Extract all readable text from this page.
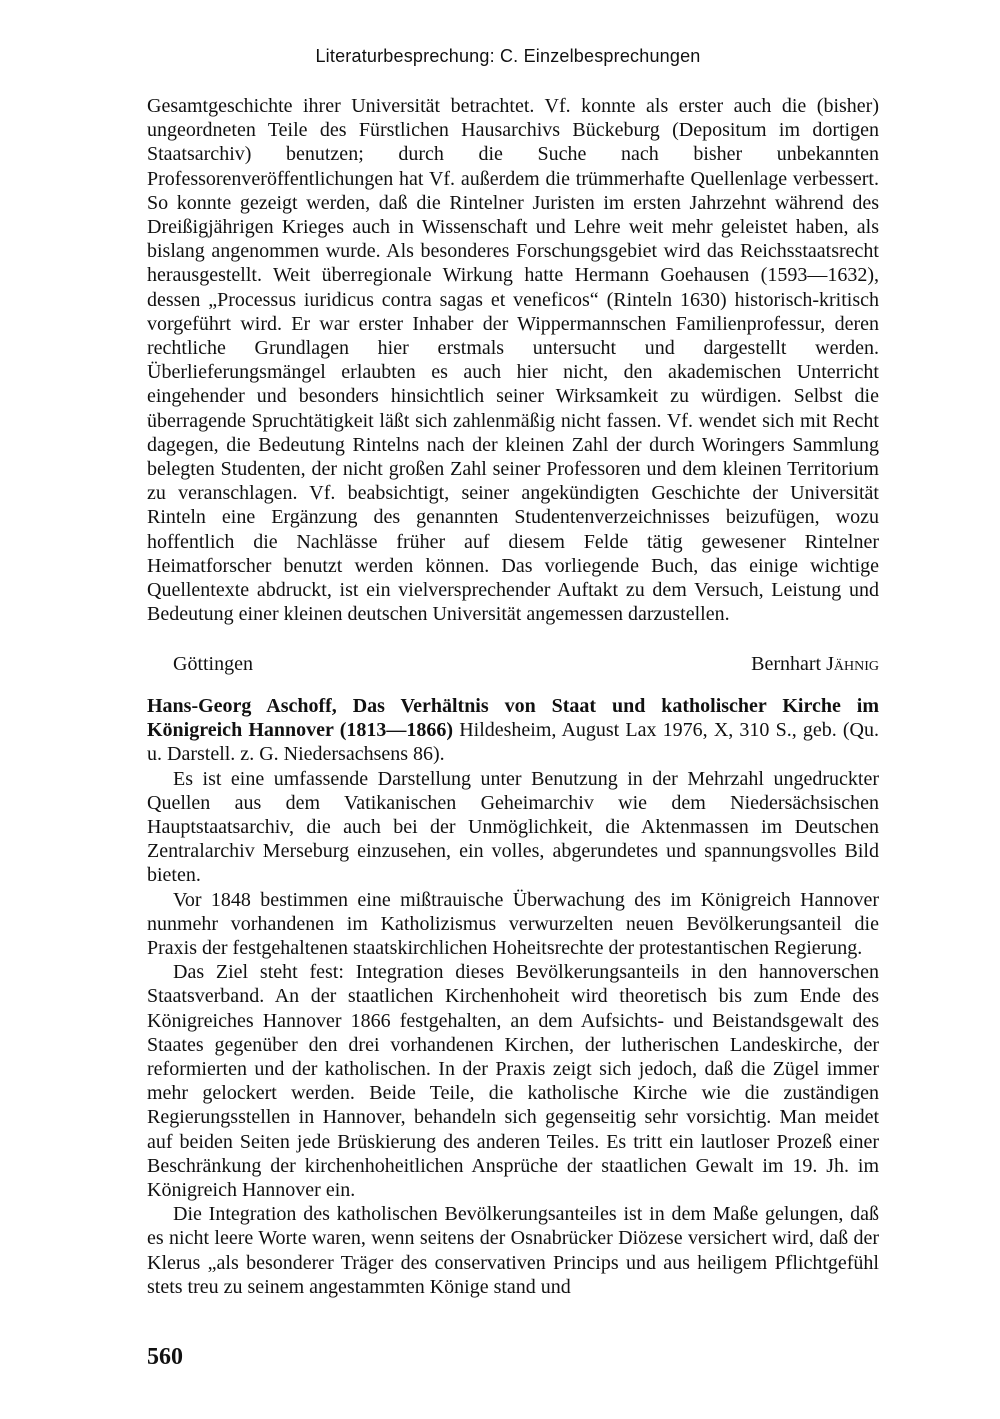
Literaturbesprechung: C. Einzelbesprechungen

Gesamtgeschichte ihrer Universität betrachtet. Vf. konnte als erster auch die (bisher) ungeordneten Teile des Fürstlichen Hausarchivs Bückeburg (Depositum im dortigen Staatsarchiv) benutzen; durch die Suche nach bisher unbekannten Professorenveröffentlichungen hat Vf. außerdem die trümmerhafte Quellenlage verbessert. So konnte gezeigt werden, daß die Rintelner Juristen im ersten Jahrzehnt während des Dreißigjährigen Krieges auch in Wissenschaft und Lehre weit mehr geleistet haben, als bislang angenommen wurde. Als besonderes Forschungsgebiet wird das Reichsstaatsrecht herausgestellt. Weit überregionale Wirkung hatte Hermann Goehausen (1593—1632), dessen „Processus iuridicus contra sagas et veneficos“ (Rinteln 1630) historisch-kritisch vorgeführt wird. Er war erster Inhaber der Wippermannschen Familienprofessur, deren rechtliche Grundlagen hier erstmals untersucht und dargestellt werden. Überlieferungsmängel erlaubten es auch hier nicht, den akademischen Unterricht eingehender und besonders hinsichtlich seiner Wirksamkeit zu würdigen. Selbst die überragende Spruchtätigkeit läßt sich zahlenmäßig nicht fassen. Vf. wendet sich mit Recht dagegen, die Bedeutung Rintelns nach der kleinen Zahl der durch Woringers Sammlung belegten Studenten, der nicht großen Zahl seiner Professoren und dem kleinen Territorium zu veranschlagen. Vf. beabsichtigt, seiner angekündigten Geschichte der Universität Rinteln eine Ergänzung des genannten Studentenverzeichnisses beizufügen, wozu hoffentlich die Nachlässe früher auf diesem Felde tätig gewesener Rintelner Heimatforscher benutzt werden können. Das vorliegende Buch, das einige wichtige Quellentexte abdruckt, ist ein vielversprechender Auftakt zu dem Versuch, Leistung und Bedeutung einer kleinen deutschen Universität angemessen darzustellen.

Göttingen	Bernhart Jähnig

Hans-Georg Aschoff, Das Verhältnis von Staat und katholischer Kirche im Königreich Hannover (1813—1866) Hildesheim, August Lax 1976, X, 310 S., geb. (Qu. u. Darstell. z. G. Niedersachsens 86).

Es ist eine umfassende Darstellung unter Benutzung in der Mehrzahl ungedruckter Quellen aus dem Vatikanischen Geheimarchiv wie dem Niedersächsischen Hauptstaatsarchiv, die auch bei der Unmöglichkeit, die Aktenmassen im Deutschen Zentralarchiv Merseburg einzusehen, ein volles, abgerundetes und spannungsvolles Bild bieten.

Vor 1848 bestimmen eine mißtrauische Überwachung des im Königreich Hannover nunmehr vorhandenen im Katholizismus verwurzelten neuen Bevölkerungsanteil die Praxis der festgehaltenen staatskirchlichen Hoheitsrechte der protestantischen Regierung.

Das Ziel steht fest: Integration dieses Bevölkerungsanteils in den hannoverschen Staatsverband. An der staatlichen Kirchenhoheit wird theoretisch bis zum Ende des Königreiches Hannover 1866 festgehalten, an dem Aufsichts- und Beistandsgewalt des Staates gegenüber den drei vorhandenen Kirchen, der lutherischen Landeskirche, der reformierten und der katholischen. In der Praxis zeigt sich jedoch, daß die Zügel immer mehr gelockert werden. Beide Teile, die katholische Kirche wie die zuständigen Regierungsstellen in Hannover, behandeln sich gegenseitig sehr vorsichtig. Man meidet auf beiden Seiten jede Brüskierung des anderen Teiles. Es tritt ein lautloser Prozeß einer Beschränkung der kirchenhoheitlichen Ansprüche der staatlichen Gewalt im 19. Jh. im Königreich Hannover ein.

Die Integration des katholischen Bevölkerungsanteiles ist in dem Maße gelungen, daß es nicht leere Worte waren, wenn seitens der Osnabrücker Diözese versichert wird, daß der Klerus „als besonderer Träger des conservativen Princips und aus heiligem Pflichtgefühl stets treu zu seinem angestammten Könige stand und

560
